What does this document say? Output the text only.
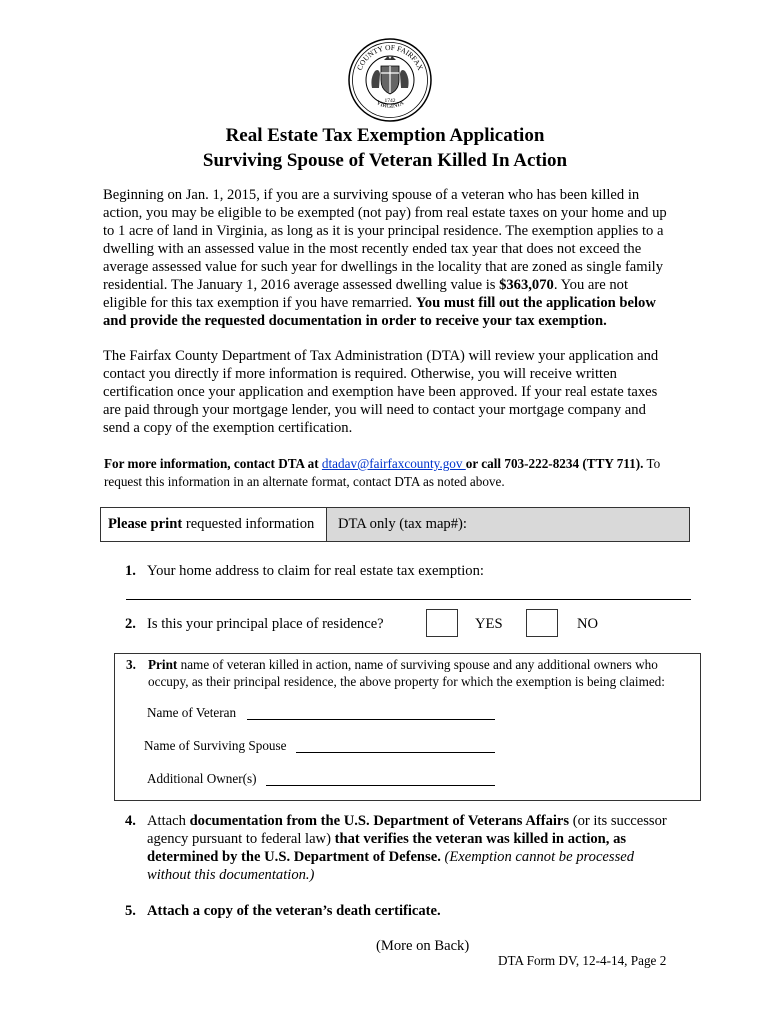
COUNTY OF FAIRFAX
VIRGINIA
1742
Real Estate Tax Exemption Application
Surviving Spouse of Veteran Killed In Action
Beginning on Jan. 1, 2015, if you are a surviving spouse of a veteran who has been killed in action, you may be eligible to be exempted (not pay) from real estate taxes on your home and up to 1 acre of land in Virginia, as long as it is your principal residence. The exemption applies to a dwelling with an assessed value in the most recently ended tax year that does not exceed the average assessed value for such year for dwellings in the locality that are zoned as single family residential. The January 1, 2016 average assessed dwelling value is $363,070. You are not eligible for this tax exemption if you have remarried. You must fill out the application below and provide the requested documentation in order to receive your tax exemption.
The Fairfax County Department of Tax Administration (DTA) will review your application and contact you directly if more information is required. Otherwise, you will receive written certification once your application and exemption have been approved. If your real estate taxes are paid through your mortgage lender, you will need to contact your mortgage company and send a copy of the exemption certification.
For more information, contact DTA at dtadav@fairfaxcounty.gov or call 703-222-8234 (TTY 711). To request this information in an alternate format, contact DTA as noted above.
Please print requested information	DTA only (tax map#):
1. Your home address to claim for real estate tax exemption:
2. Is this your principal place of residence?	YES	NO
3. Print name of veteran killed in action, name of surviving spouse and any additional owners who occupy, as their principal residence, the above property for which the exemption is being claimed:
Name of Veteran
Name of Surviving Spouse
Additional Owner(s)
4. Attach documentation from the U.S. Department of Veterans Affairs (or its successor agency pursuant to federal law) that verifies the veteran was killed in action, as determined by the U.S. Department of Defense. (Exemption cannot be processed without this documentation.)
5. Attach a copy of the veteran’s death certificate.
(More on Back)
DTA Form DV, 12-4-14, Page 2
